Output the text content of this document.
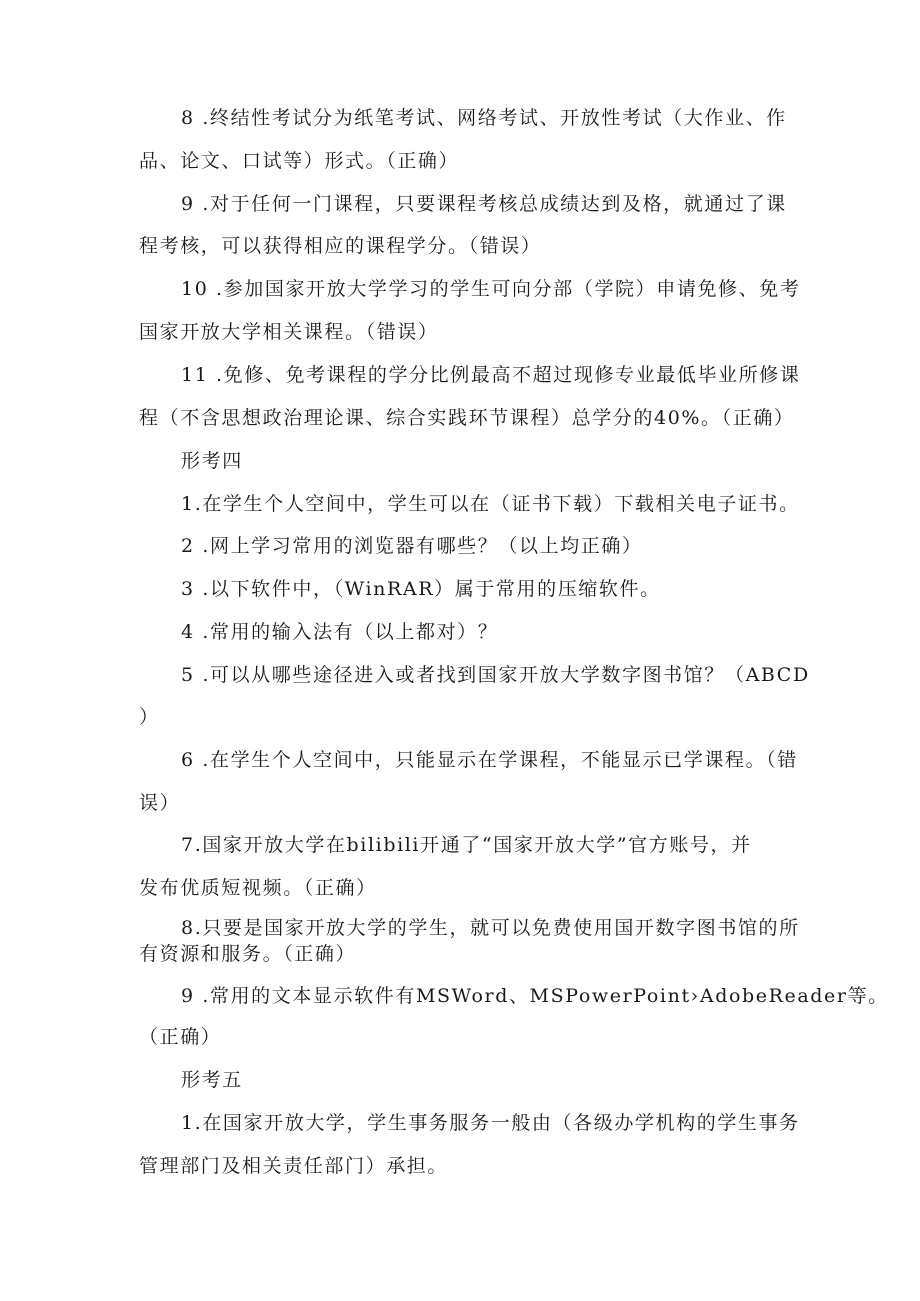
8 .终结性考试分为纸笔考试、网络考试、开放性考试（大作业、作
品、论文、口试等）形式。（正确）
9 .对于任何一门课程，只要课程考核总成绩达到及格，就通过了课
程考核，可以获得相应的课程学分。（错误）
10 .参加国家开放大学学习的学生可向分部（学院）申请免修、免考
国家开放大学相关课程。（错误）
11 .免修、免考课程的学分比例最高不超过现修专业最低毕业所修课
程（不含思想政治理论课、综合实践环节课程）总学分的40%。（正确）
形考四
1.在学生个人空间中，学生可以在（证书下载）下载相关电子证书。
2 .网上学习常用的浏览器有哪些？（以上均正确）
3 .以下软件中，（WinRAR）属于常用的压缩软件。
4 .常用的输入法有（以上都对）？
5 .可以从哪些途径进入或者找到国家开放大学数字图书馆？（ABCD
）
6 .在学生个人空间中，只能显示在学课程，不能显示已学课程。（错
误）
7.国家开放大学在bilibili开通了“国家开放大学”官方账号，并
发布优质短视频。（正确）
8.只要是国家开放大学的学生，就可以免费使用国开数字图书馆的所
有资源和服务。（正确）
9 .常用的文本显示软件有MSWord、MSPowerPoint›AdobeReader等。
（正确）
形考五
1.在国家开放大学，学生事务服务一般由（各级办学机构的学生事务
管理部门及相关责任部门）承担。
